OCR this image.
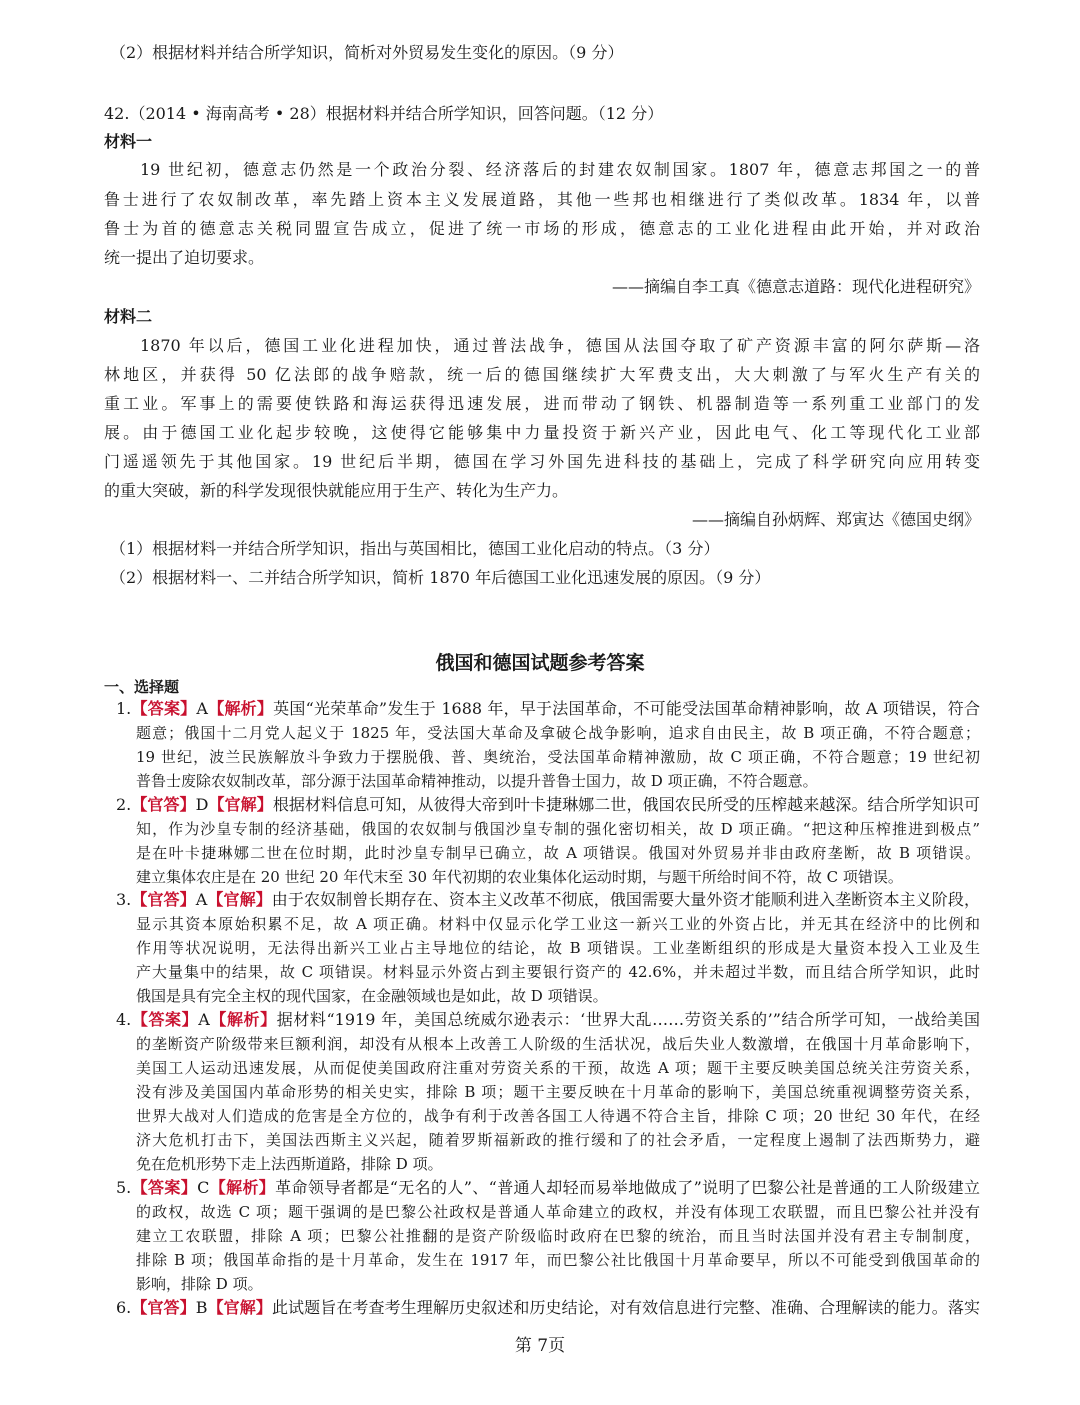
（2）根据材料并结合所学知识，简析对外贸易发生变化的原因。（9 分）
42.（2014 • 海南高考 • 28）根据材料并结合所学知识，回答问题。（12 分）
材料一
19 世纪初，德意志仍然是一个政治分裂、经济落后的封建农奴制国家。1807 年，德意志邦国之一的普
鲁士进行了农奴制改革，率先踏上资本主义发展道路，其他一些邦也相继进行了类似改革。1834 年，以普
鲁士为首的德意志关税同盟宣告成立，促进了统一市场的形成，德意志的工业化进程由此开始，并对政治
统一提出了迫切要求。
——摘编自李工真《德意志道路：现代化进程研究》
材料二
1870 年以后，德国工业化进程加快，通过普法战争，德国从法国夺取了矿产资源丰富的阿尔萨斯—洛
林地区，并获得 50 亿法郎的战争赔款，统一后的德国继续扩大军费支出，大大刺激了与军火生产有关的
重工业。军事上的需要使铁路和海运获得迅速发展，进而带动了钢铁、机器制造等一系列重工业部门的发
展。由于德国工业化起步较晚，这使得它能够集中力量投资于新兴产业，因此电气、化工等现代化工业部
门遥遥领先于其他国家。19 世纪后半期，德国在学习外国先进科技的基础上，完成了科学研究向应用转变
的重大突破，新的科学发现很快就能应用于生产、转化为生产力。
——摘编自孙炳辉、郑寅达《德国史纲》
（1）根据材料一并结合所学知识，指出与英国相比，德国工业化启动的特点。（3 分）
（2）根据材料一、二并结合所学知识，简析 1870 年后德国工业化迅速发展的原因。（9 分）
俄国和德国试题参考答案
一、选择题
1.【答案】A【解析】英国“光荣革命”发生于 1688 年，早于法国革命，不可能受法国革命精神影响，故 A 项错误，符合
题意；俄国十二月党人起义于 1825 年，受法国大革命及拿破仑战争影响，追求自由民主，故 B 项正确，不符合题意；
19 世纪，波兰民族解放斗争致力于摆脱俄、普、奥统治，受法国革命精神激励，故 C 项正确，不符合题意；19 世纪初
普鲁士废除农奴制改革，部分源于法国革命精神推动，以提升普鲁士国力，故 D 项正确，不符合题意。
2.【官答】D【官解】根据材料信息可知，从彼得大帝到叶卡捷琳娜二世，俄国农民所受的压榨越来越深。结合所学知识可
知，作为沙皇专制的经济基础，俄国的农奴制与俄国沙皇专制的强化密切相关，故 D 项正确。“把这种压榨推进到极点”
是在叶卡捷琳娜二世在位时期，此时沙皇专制早已确立，故 A 项错误。俄国对外贸易并非由政府垄断，故 B 项错误。
建立集体农庄是在 20 世纪 20 年代末至 30 年代初期的农业集体化运动时期，与题干所给时间不符，故 C 项错误。
3.【官答】A【官解】由于农奴制曾长期存在、资本主义改革不彻底，俄国需要大量外资才能顺利进入垄断资本主义阶段，
显示其资本原始积累不足，故 A 项正确。材料中仅显示化学工业这一新兴工业的外资占比，并无其在经济中的比例和
作用等状况说明，无法得出新兴工业占主导地位的结论，故 B 项错误。工业垄断组织的形成是大量资本投入工业及生
产大量集中的结果，故 C 项错误。材料显示外资占到主要银行资产的 42.6%，并未超过半数，而且结合所学知识，此时
俄国是具有完全主权的现代国家，在金融领域也是如此，故 D 项错误。
4.【答案】A【解析】据材料“1919 年，美国总统威尔逊表示：‘世界大乱……劳资关系的’”结合所学可知，一战给美国
的垄断资产阶级带来巨额利润，却没有从根本上改善工人阶级的生活状况，战后失业人数激增，在俄国十月革命影响下，
美国工人运动迅速发展，从而促使美国政府注重对劳资关系的干预，故选 A 项；题干主要反映美国总统关注劳资关系，
没有涉及美国国内革命形势的相关史实，排除 B 项；题干主要反映在十月革命的影响下，美国总统重视调整劳资关系，
世界大战对人们造成的危害是全方位的，战争有利于改善各国工人待遇不符合主旨，排除 C 项；20 世纪 30 年代，在经
济大危机打击下，美国法西斯主义兴起，随着罗斯福新政的推行缓和了的社会矛盾，一定程度上遏制了法西斯势力，避
免在危机形势下走上法西斯道路，排除 D 项。
5.【答案】C【解析】革命领导者都是“无名的人”、“普通人却轻而易举地做成了”说明了巴黎公社是普通的工人阶级建立
的政权，故选 C 项；题干强调的是巴黎公社政权是普通人革命建立的政权，并没有体现工农联盟，而且巴黎公社并没有
建立工农联盟，排除 A 项；巴黎公社推翻的是资产阶级临时政府在巴黎的统治，而且当时法国并没有君主专制制度，
排除 B 项；俄国革命指的是十月革命，发生在 1917 年，而巴黎公社比俄国十月革命要早，所以不可能受到俄国革命的
影响，排除 D 项。
6.【官答】B【官解】此试题旨在考查考生理解历史叙述和历史结论，对有效信息进行完整、准确、合理解读的能力。落实
第 7页
